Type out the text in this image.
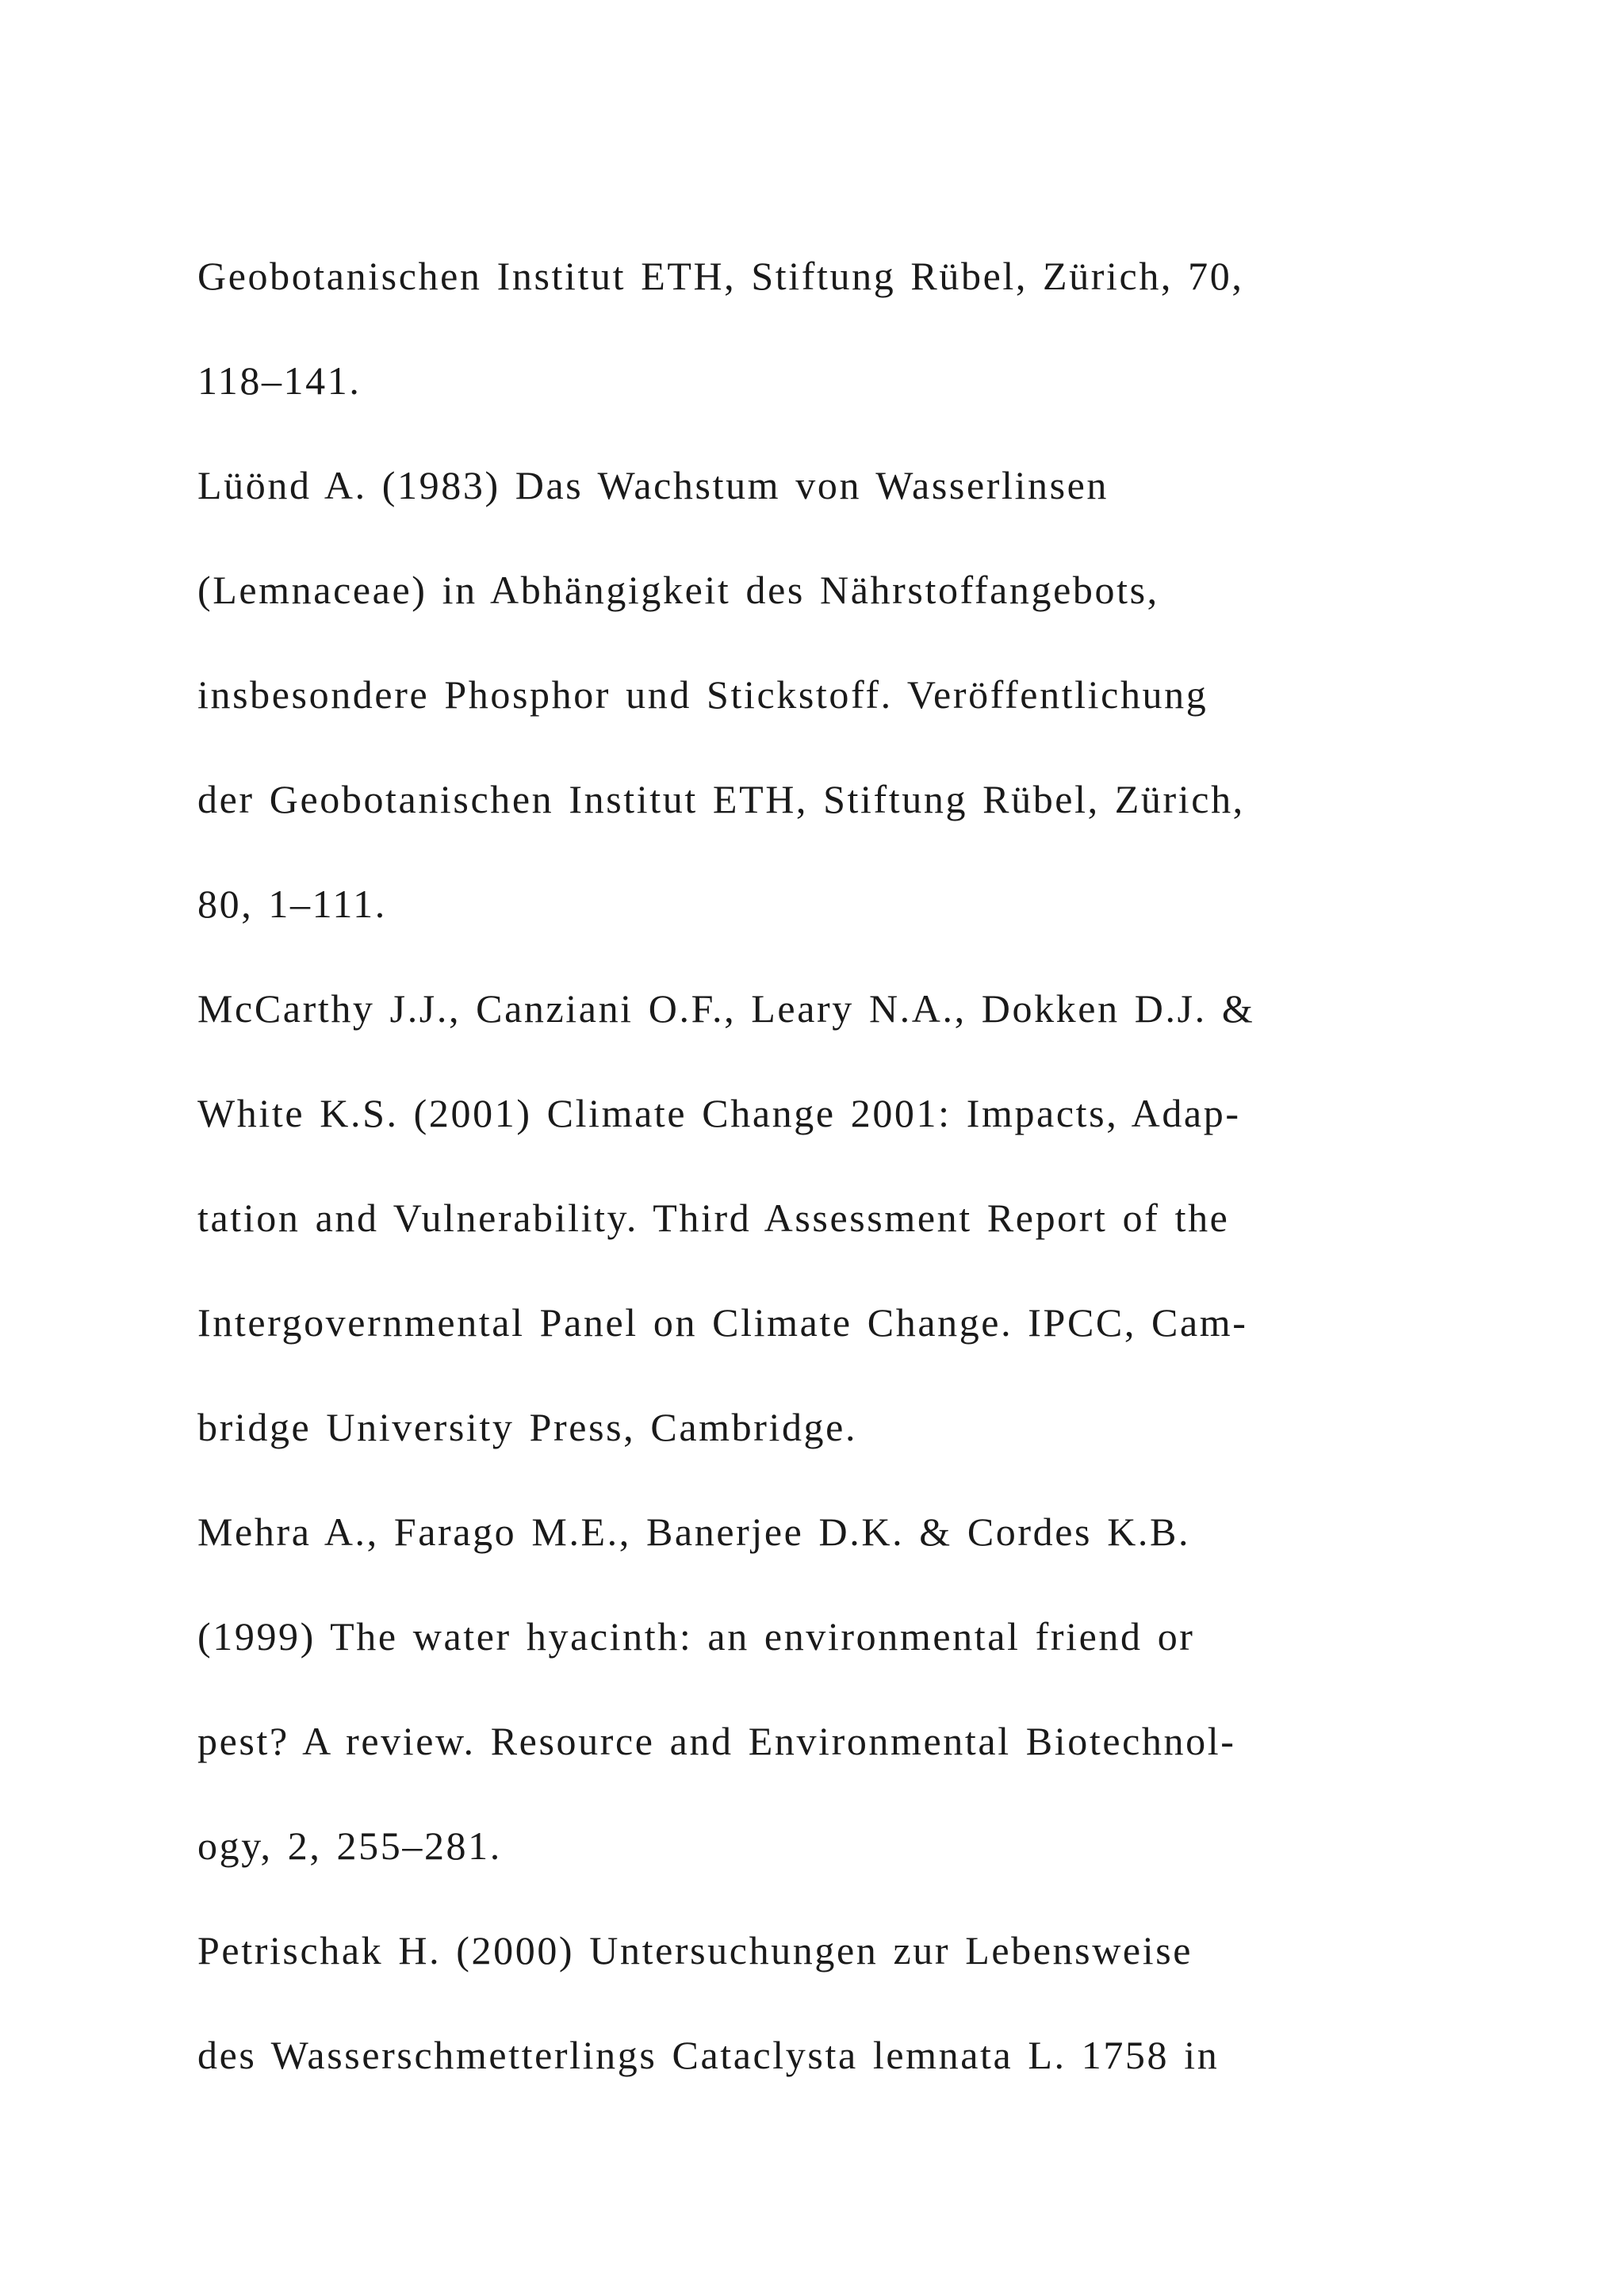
Geobotanischen Institut ETH, Stiftung Rübel, Zürich, 70,
118–141.
Lüönd A. (1983) Das Wachstum von Wasserlinsen
(Lemnaceae) in Abhängigkeit des Nährstoffangebots,
insbesondere Phosphor und Stickstoff. Veröffentlichung
der Geobotanischen Institut ETH, Stiftung Rübel, Zürich,
80, 1–111.
McCarthy J.J., Canziani O.F., Leary N.A., Dokken D.J. &
White K.S. (2001) Climate Change 2001: Impacts, Adap-
tation and Vulnerability. Third Assessment Report of the
Intergovernmental Panel on Climate Change. IPCC, Cam-
bridge University Press, Cambridge.
Mehra A., Farago M.E., Banerjee D.K. & Cordes K.B.
(1999) The water hyacinth: an environmental friend or
pest? A review. Resource and Environmental Biotechnol-
ogy, 2, 255–281.
Petrischak H. (2000) Untersuchungen zur Lebensweise
des Wasserschmetterlings Cataclysta lemnata L. 1758 in
